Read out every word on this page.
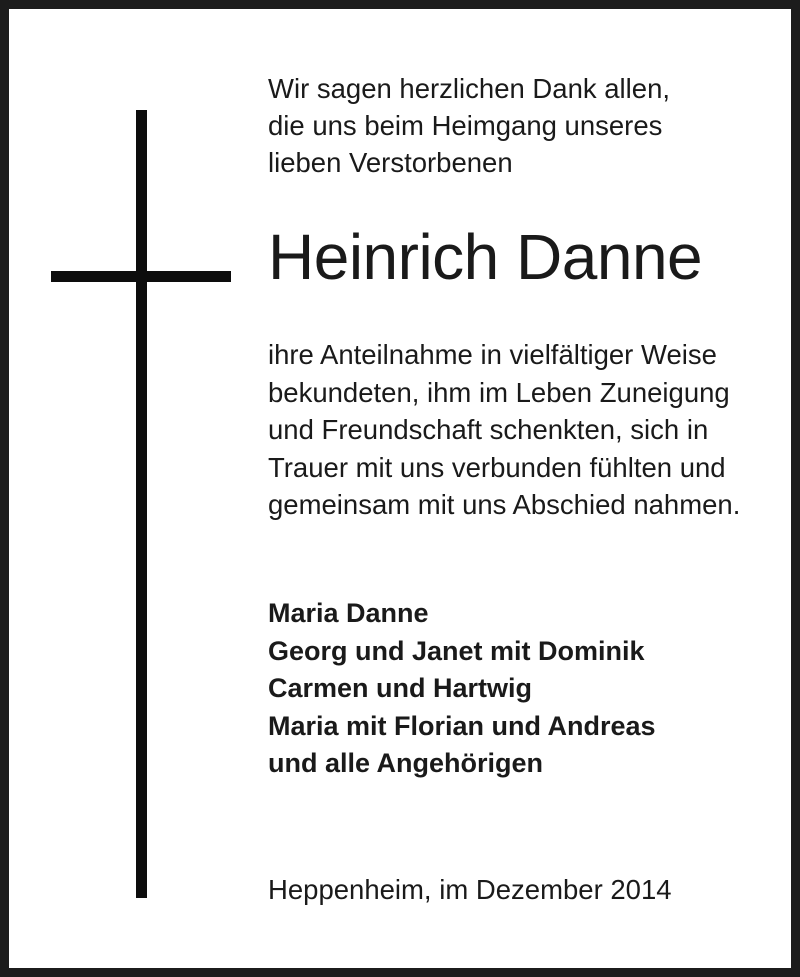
Wir sagen herzlichen Dank allen,
die uns beim Heimgang unseres
lieben Verstorbenen
Heinrich Danne
ihre Anteilnahme in vielfältiger Weise
bekundeten, ihm im Leben Zuneigung
und Freundschaft schenkten, sich in
Trauer mit uns verbunden fühlten und
gemeinsam mit uns Abschied nahmen.
Maria Danne
Georg und Janet mit Dominik
Carmen und Hartwig
Maria mit Florian und Andreas
und alle Angehörigen
Heppenheim, im Dezember 2014
